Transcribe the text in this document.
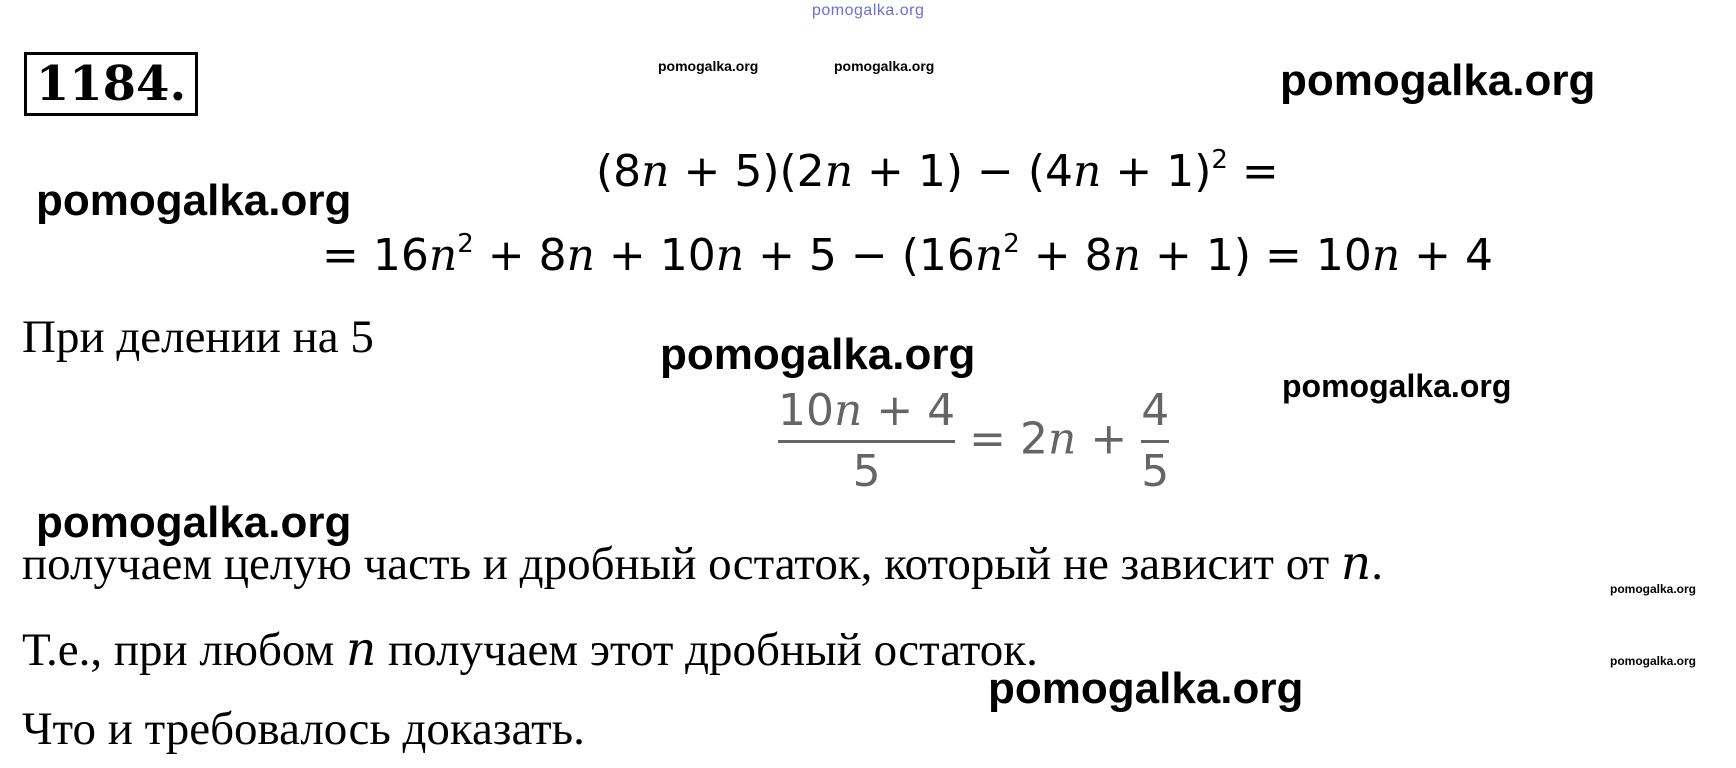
pomogalka.org
1184.	pomogalka.org	pomogalka.org	pomogalka.org
$(8n + 5)(2n + 1) - (4n + 1)^2$ =
pomogalka.org
= $16n^2 + 8n + 10n + 5 - (16n^2 + 8n + 1) = 10n + 4$
При делении на 5	pomogalka.org
pomogalka.org
$\frac{10n + 4}{5} = 2n + \frac{4}{5}$
pomogalka.org
получаем целую часть и дробный остаток, который не зависит от n.	pomogalka.org
Т.е., при любом n получаем этот дробный остаток.	pomogalka.org
pomogalka.org
Что и требовалось доказать.
